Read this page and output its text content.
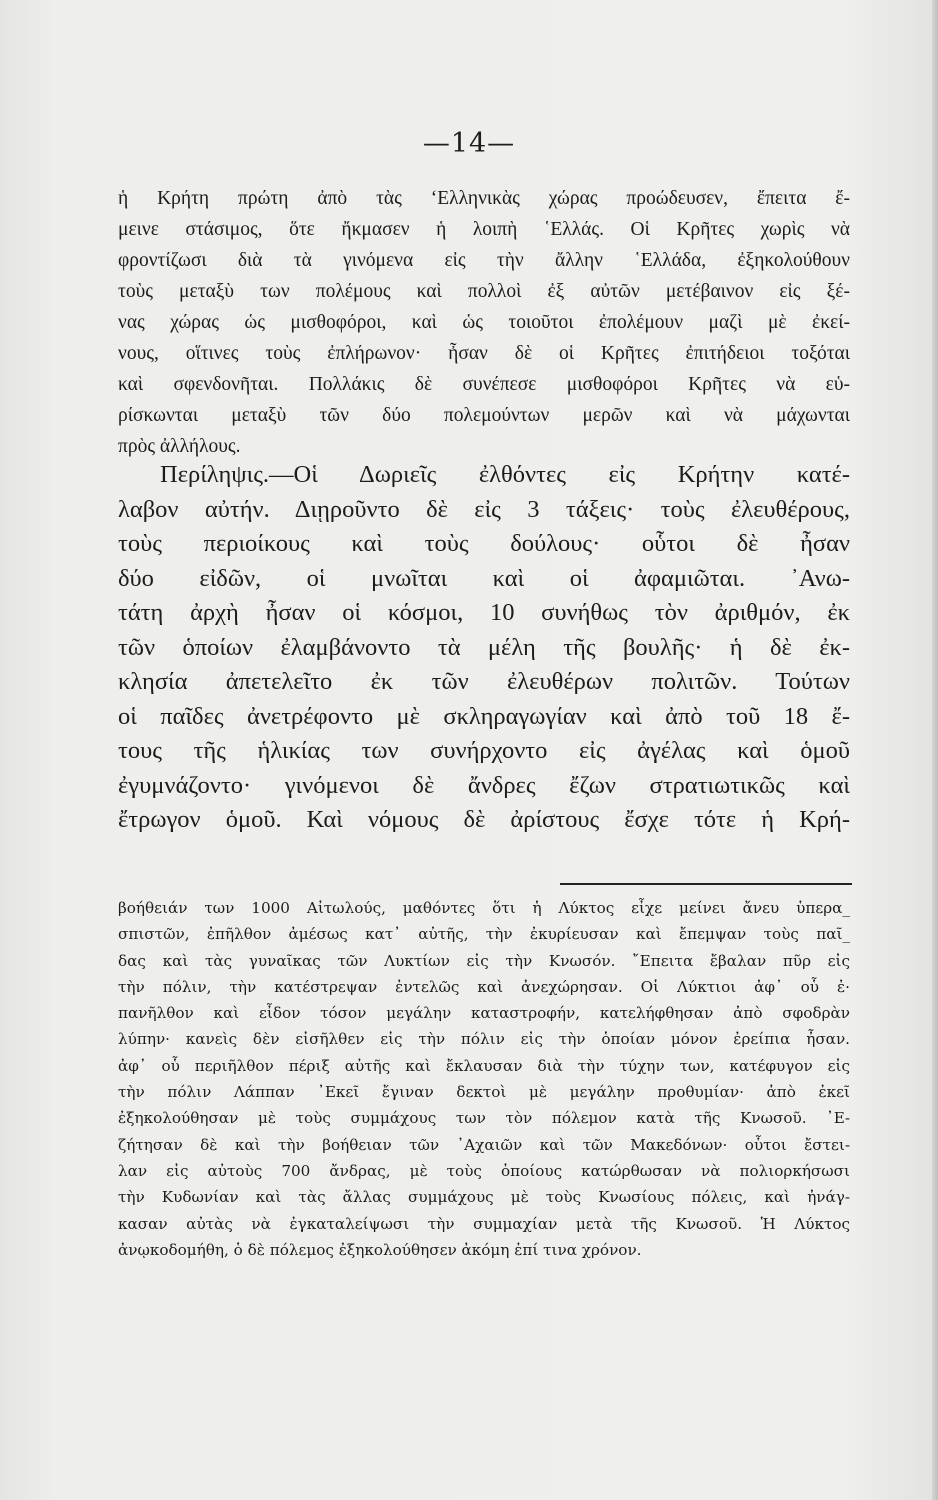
—14—
ἡ Κρήτη πρώτη ἀπὸ τὰς ‘Ελληνικὰς χώρας προώδευσεν, ἔπειτα ἔ-
μεινε στάσιμος, ὅτε ἤκμασεν ἡ λοιπὴ ῾Ελλάς. Οἱ Κρῆτες χωρὶς νὰ
φροντίζωσι διὰ τὰ γινόμενα εἰς τὴν ἄλλην ῾Ελλάδα, ἐξηκολούθουν
τοὺς μεταξὺ των πολέμους καὶ πολλοὶ ἐξ αὐτῶν μετέβαινον εἰς ξέ-
νας χώρας ὡς μισθοφόροι, καὶ ὡς τοιοῦτοι ἐπολέμουν μαζὶ μὲ ἐκεί-
νους, οἵτινες τοὺς ἐπλήρωνον· ἦσαν δὲ οἱ Κρῆτες ἐπιτήδειοι τοξόται
καὶ σφενδονῆται. Πολλάκις δὲ συνέπεσε μισθοφόροι Κρῆτες νὰ εὑ-
ρίσκωνται μεταξὺ τῶν δύο πολεμούντων μερῶν καὶ νὰ μάχωνται
πρὸς ἀλλήλους.
Περίληψις.—Οἱ Δωριεῖς ἐλθόντες εἰς Κρήτην κατέ-
λαβον αὐτήν. Διῃροῦντο δὲ εἰς 3 τάξεις· τοὺς ἐλευθέρους,
τοὺς περιοίκους καὶ τοὺς δούλους· οὗτοι δὲ ἦσαν
δύο εἰδῶν, οἱ μνωῖται καὶ οἱ ἀφαμιῶται. ᾿Ανω-
τάτη ἀρχὴ ἦσαν οἱ κόσμοι, 10 συνήθως τὸν ἀριθμόν, ἐκ
τῶν ὁποίων ἐλαμβάνοντο τὰ μέλη τῆς βουλῆς· ἡ δὲ ἐκ-
κλησία ἀπετελεῖτο ἐκ τῶν ἐλευθέρων πολιτῶν. Τούτων
οἱ παῖδες ἀνετρέφοντο μὲ σκληραγωγίαν καὶ ἀπὸ τοῦ 18 ἔ-
τους τῆς ἡλικίας των συνήρχοντο εἰς ἀγέλας καὶ ὁμοῦ
ἐγυμνάζοντο· γινόμενοι δὲ ἄνδρες ἔζων στρατιωτικῶς καὶ
ἔτρωγον ὁμοῦ. Καὶ νόμους δὲ ἀρίστους ἔσχε τότε ἡ Κρή-
βοήθειάν των 1000 Αἰτωλούς, μαθόντες ὅτι ἡ Λύκτος εἶχε μείνει ἄνευ ὑπερα_
σπιστῶν, ἐπῆλθον ἀμέσως κατ᾿ αὐτῆς, τὴν ἐκυρίευσαν καὶ ἔπεμψαν τοὺς παῖ_
δας καὶ τὰς γυναῖκας τῶν Λυκτίων εἰς τὴν Κνωσόν. ῎Επειτα ἔβαλαν πῦρ εἰς
τὴν πόλιν, τὴν κατέστρεψαν ἐντελῶς καὶ ἀνεχώρησαν. Οἱ Λύκτιοι ἀφ᾿ οὗ ἐ·
πανῆλθον καὶ εἶδον τόσον μεγάλην καταστροφήν, κατελήφθησαν ἀπὸ σφοδρὰν
λύπην· κανεὶς δὲν εἰσῆλθεν εἰς τὴν πόλιν εἰς τὴν ὁποίαν μόνον ἐρείπια ἦσαν.
ἀφ᾿ οὗ περιῆλθον πέριξ αὐτῆς καὶ ἔκλαυσαν διὰ τὴν τύχην των, κατέφυγον εἰς
τὴν πόλιν Λάππαν ᾿Εκεῖ ἔγιναν δεκτοὶ μὲ μεγάλην προθυμίαν· ἀπὸ ἐκεῖ
ἐξηκολούθησαν μὲ τοὺς συμμάχους των τὸν πόλεμον κατὰ τῆς Κνωσοῦ. ᾿Ε-
ζήτησαν δὲ καὶ τὴν βοήθειαν τῶν ᾿Αχαιῶν καὶ τῶν Μακεδόνων· οὗτοι ἔστει-
λαν εἰς αὐτοὺς 700 ἄνδρας, μὲ τοὺς ὁποίους κατώρθωσαν νὰ πολιορκήσωσι
τὴν Κυδωνίαν καὶ τὰς ἄλλας συμμάχους μὲ τοὺς Κνωσίους πόλεις, καὶ ἠνάγ-
κασαν αὐτὰς νὰ ἐγκαταλείψωσι τὴν συμμαχίαν μετὰ τῆς Κνωσοῦ. Ἡ Λύκτος
ἀνῳκοδομήθη, ὁ δὲ πόλεμος ἐξηκολούθησεν ἀκόμη ἐπί τινα χρόνον.
